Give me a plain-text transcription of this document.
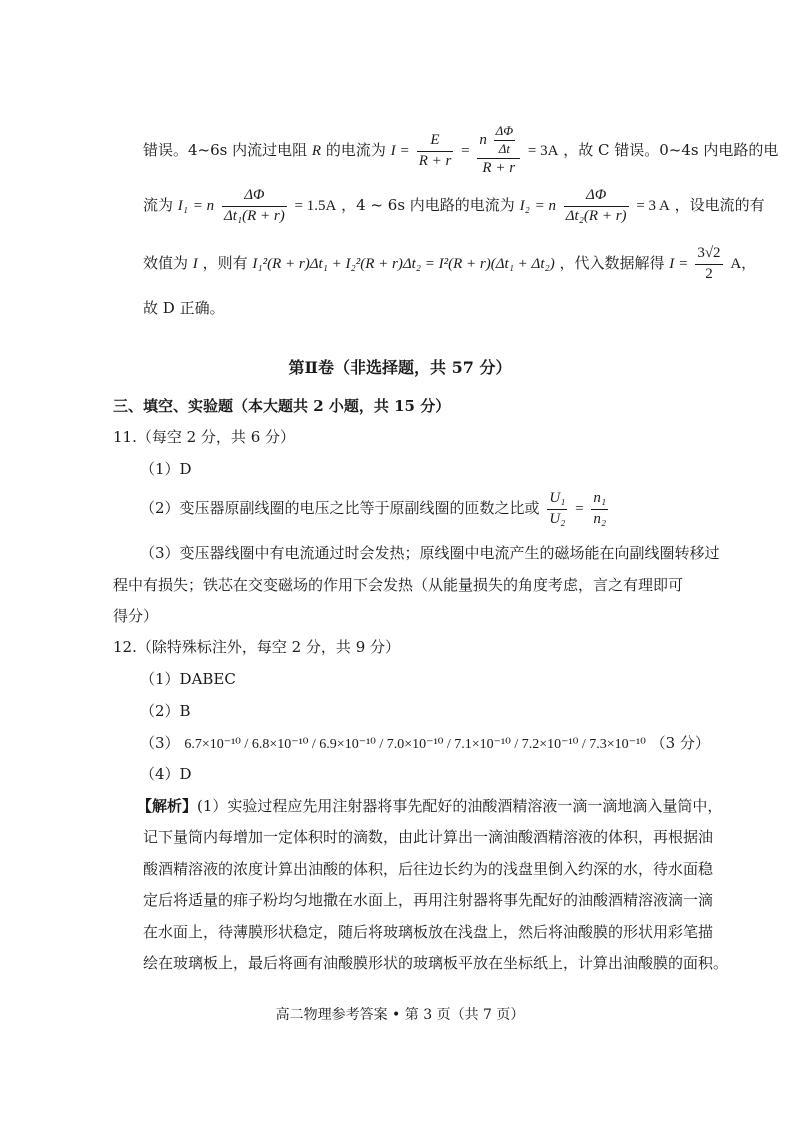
错误。4~6s 内流过电阻 R 的电流为 $I = \frac{E}{R + r} = \frac{n \frac{\Delta\Phi}{\Delta t}}{R + r} = 3A$ ，故 C 错误。0~4s 内电路的电
流为 I₁ = n $\frac{\Delta\Phi}{\text{Δt₁(R + r)}} = 1.5A$ ，4 ~ 6s 内电路的电流为 I₂ = n $\frac{\Delta\Phi}{\text{Δt₂(R + r)}} = 3$ A ，设电流的有
效值为 I ，则有 I₁²(R + r)Δt₁ + I₂²(R + r)Δt₂ = I²(R + r)(Δt₁ + Δt₂) ，代入数据解得 $I = \frac{3√2}{2}$ A，
故 D 正确。
第Ⅱ卷（非选择题，共 57 分）
三、填空、实验题（本大题共 2 小题，共 15 分）
11.（每空 2 分，共 6 分）
（1）D
（2）变压器原副线圈的电压之比等于原副线圈的匝数之比或 $\frac{\text{U₁}}{\text{U₂}} = \frac{\text{n₁}}{\text{n₂}}$
（3）变压器线圈中有电流通过时会发热；原线圈中电流产生的磁场能在向副线圈转移过
程中有损失；铁芯在交变磁场的作用下会发热（从能量损失的角度考虑，言之有理即可
得分）
12.（除特殊标注外，每空 2 分，共 9 分）
（1）DABEC
（2）B
（3） 6.7×10⁻¹⁰ / 6.8×10⁻¹⁰ / 6.9×10⁻¹⁰ / 7.0×10⁻¹⁰ / 7.1×10⁻¹⁰ / 7.2×10⁻¹⁰ / 7.3×10⁻¹⁰ （3 分）
（4）D
【解析】(1）实验过程应先用注射器将事先配好的油酸酒精溶液一滴一滴地滴入量筒中，
记下量筒内每增加一定体积时的滴数，由此计算出一滴油酸酒精溶液的体积，再根据油
酸酒精溶液的浓度计算出油酸的体积，后往边长约为的浅盘里倒入约深的水，待水面稳
定后将适量的痱子粉均匀地撒在水面上，再用注射器将事先配好的油酸酒精溶液滴一滴
在水面上，待薄膜形状稳定，随后将玻璃板放在浅盘上，然后将油酸膜的形状用彩笔描
绘在玻璃板上，最后将画有油酸膜形状的玻璃板平放在坐标纸上，计算出油酸膜的面积。
高二物理参考答案 • 第 3 页（共 7 页）
